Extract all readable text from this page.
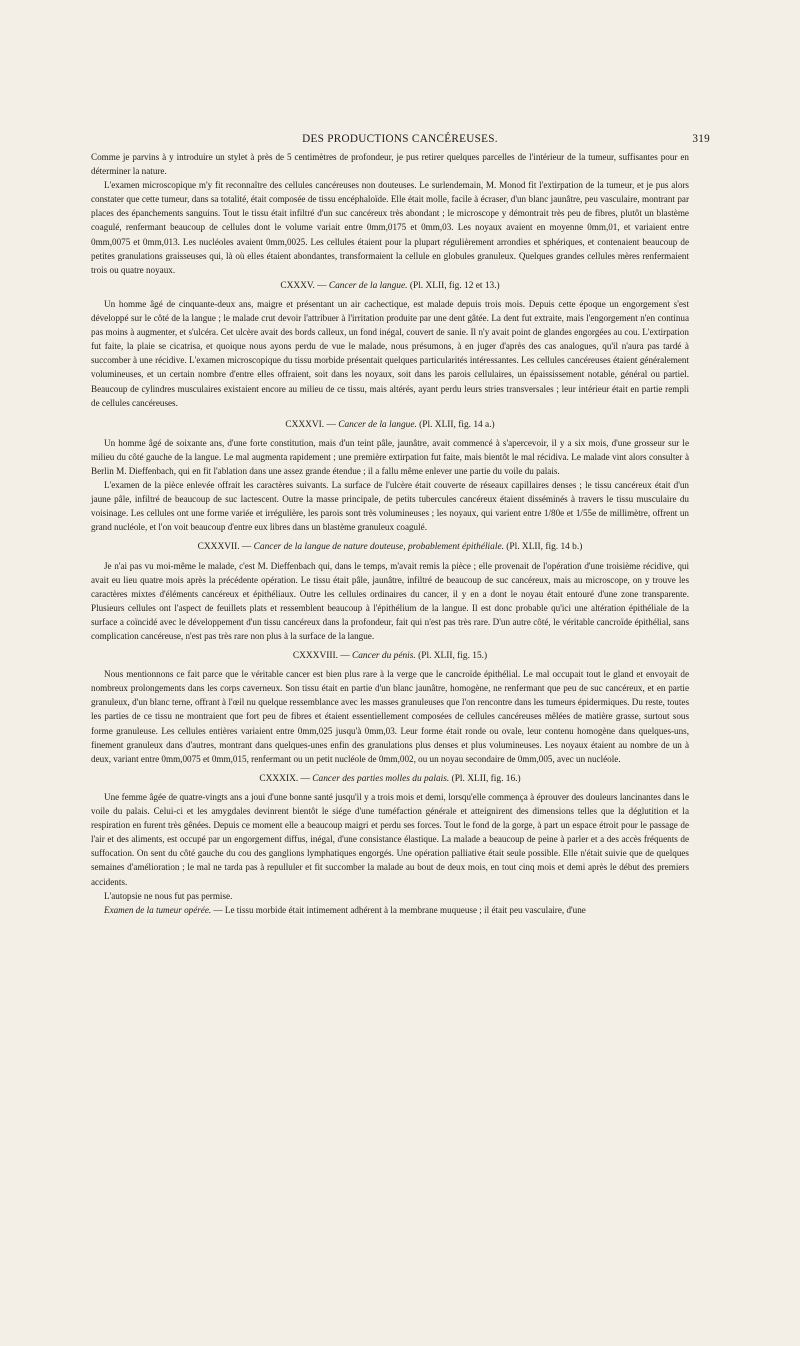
DES PRODUCTIONS CANCÉREUSES.	319

Comme je parvins à y introduire un stylet à près de 5 centimètres de profondeur, je pus retirer quelques parcelles de l'intérieur de la tumeur, suffisantes pour en déterminer la nature.

L'examen microscopique m'y fit reconnaître des cellules cancéreuses non douteuses. Le surlendemain, M. Monod fit l'extirpation de la tumeur, et je pus alors constater que cette tumeur, dans sa totalité, était composée de tissu encéphaloïde. Elle était molle, facile à écraser, d'un blanc jaunâtre, peu vasculaire, montrant par places des épanchements sanguins. Tout le tissu était infiltré d'un suc cancéreux très abondant ; le microscope y démontrait très peu de fibres, plutôt un blastème coagulé, renfermant beaucoup de cellules dont le volume variait entre 0mm,0175 et 0mm,03. Les noyaux avaient en moyenne 0mm,01, et variaient entre 0mm,0075 et 0mm,013. Les nucléoles avaient 0mm,0025. Les cellules étaient pour la plupart régulièrement arrondies et sphériques, et contenaient beaucoup de petites granulations graisseuses qui, là où elles étaient abondantes, transformaient la cellule en globules granuleux. Quelques grandes cellules mères renfermaient trois ou quatre noyaux.

CXXXV. — Cancer de la langue. (Pl. XLII, fig. 12 et 13.)

Un homme âgé de cinquante-deux ans, maigre et présentant un air cachectique, est malade depuis trois mois. Depuis cette époque un engorgement s'est développé sur le côté de la langue ; le malade crut devoir l'attribuer à l'irritation produite par une dent gâtée. La dent fut extraite, mais l'engorgement n'en continua pas moins à augmenter, et s'ulcéra. Cet ulcère avait des bords calleux, un fond inégal, couvert de sanie. Il n'y avait point de glandes engorgées au cou. L'extirpation fut faite, la plaie se cicatrisa, et quoique nous ayons perdu de vue le malade, nous présumons, à en juger d'après des cas analogues, qu'il n'aura pas tardé à succomber à une récidive. L'examen microscopique du tissu morbide présentait quelques particularités intéressantes. Les cellules cancéreuses étaient généralement volumineuses, et un certain nombre d'entre elles offraient, soit dans les noyaux, soit dans les parois cellulaires, un épaississement notable, général ou partiel. Beaucoup de cylindres musculaires existaient encore au milieu de ce tissu, mais altérés, ayant perdu leurs stries transversales ; leur intérieur était en partie rempli de cellules cancéreuses.

CXXXVI. — Cancer de la langue. (Pl. XLII, fig. 14 a.)

Un homme âgé de soixante ans, d'une forte constitution, mais d'un teint pâle, jaunâtre, avait commencé à s'apercevoir, il y a six mois, d'une grosseur sur le milieu du côté gauche de la langue. Le mal augmenta rapidement ; une première extirpation fut faite, mais bientôt le mal récidiva. Le malade vint alors consulter à Berlin M. Dieffenbach, qui en fit l'ablation dans une assez grande étendue ; il a fallu même enlever une partie du voile du palais.

L'examen de la pièce enlevée offrait les caractères suivants. La surface de l'ulcère était couverte de réseaux capillaires denses ; le tissu cancéreux était d'un jaune pâle, infiltré de beaucoup de suc lactescent. Outre la masse principale, de petits tubercules cancéreux étaient disséminés à travers le tissu musculaire du voisinage. Les cellules ont une forme variée et irrégulière, les parois sont très volumineuses ; les noyaux, qui varient entre 1/80e et 1/55e de millimètre, offrent un grand nucléole, et l'on voit beaucoup d'entre eux libres dans un blastème granuleux coagulé.

CXXXVII. — Cancer de la langue de nature douteuse, probablement épithéliale. (Pl. XLII, fig. 14 b.)

Je n'ai pas vu moi-même le malade, c'est M. Dieffenbach qui, dans le temps, m'avait remis la pièce ; elle provenait de l'opération d'une troisième récidive, qui avait eu lieu quatre mois après la précédente opération. Le tissu était pâle, jaunâtre, infiltré de beaucoup de suc cancéreux, mais au microscope, on y trouve les caractères mixtes d'éléments cancéreux et épithéliaux. Outre les cellules ordinaires du cancer, il y en a dont le noyau était entouré d'une zone transparente. Plusieurs cellules ont l'aspect de feuillets plats et ressemblent beaucoup à l'épithélium de la langue. Il est donc probable qu'ici une altération épithéliale de la surface a coïncidé avec le développement d'un tissu cancéreux dans la profondeur, fait qui n'est pas très rare. D'un autre côté, le véritable cancroïde épithélial, sans complication cancéreuse, n'est pas très rare non plus à la surface de la langue.

CXXXVIII. — Cancer du pénis. (Pl. XLII, fig. 15.)

Nous mentionnons ce fait parce que le véritable cancer est bien plus rare à la verge que le cancroïde épithélial. Le mal occupait tout le gland et envoyait de nombreux prolongements dans les corps caverneux. Son tissu était en partie d'un blanc jaunâtre, homogène, ne renfermant que peu de suc cancéreux, et en partie granuleux, d'un blanc terne, offrant à l'œil nu quelque ressemblance avec les masses granuleuses que l'on rencontre dans les tumeurs épidermiques. Du reste, toutes les parties de ce tissu ne montraient que fort peu de fibres et étaient essentiellement composées de cellules cancéreuses mêlées de matière grasse, surtout sous forme granuleuse. Les cellules entières variaient entre 0mm,025 jusqu'à 0mm,03. Leur forme était ronde ou ovale, leur contenu homogène dans quelques-uns, finement granuleux dans d'autres, montrant dans quelques-unes enfin des granulations plus denses et plus volumineuses. Les noyaux étaient au nombre de un à deux, variant entre 0mm,0075 et 0mm,015, renfermant ou un petit nucléole de 0mm,002, ou un noyau secondaire de 0mm,005, avec un nucléole.

CXXXIX. — Cancer des parties molles du palais. (Pl. XLII, fig. 16.)

Une femme âgée de quatre-vingts ans a joui d'une bonne santé jusqu'il y a trois mois et demi, lorsqu'elle commença à éprouver des douleurs lancinantes dans le voile du palais. Celui-ci et les amygdales devinrent bientôt le siége d'une tuméfaction générale et atteignirent des dimensions telles que la déglutition et la respiration en furent très gênées. Depuis ce moment elle a beaucoup maigri et perdu ses forces. Tout le fond de la gorge, à part un espace étroit pour le passage de l'air et des aliments, est occupé par un engorgement diffus, inégal, d'une consistance élastique. La malade a beaucoup de peine à parler et a des accès fréquents de suffocation. On sent du côté gauche du cou des ganglions lymphatiques engorgés. Une opération palliative était seule possible. Elle n'était suivie que de quelques semaines d'amélioration ; le mal ne tarda pas à repulluler et fit succomber la malade au bout de deux mois, en tout cinq mois et demi après le début des premiers accidents.

L'autopsie ne nous fut pas permise.

Examen de la tumeur opérée. — Le tissu morbide était intimement adhérent à la membrane muqueuse ; il était peu vasculaire, d'une
